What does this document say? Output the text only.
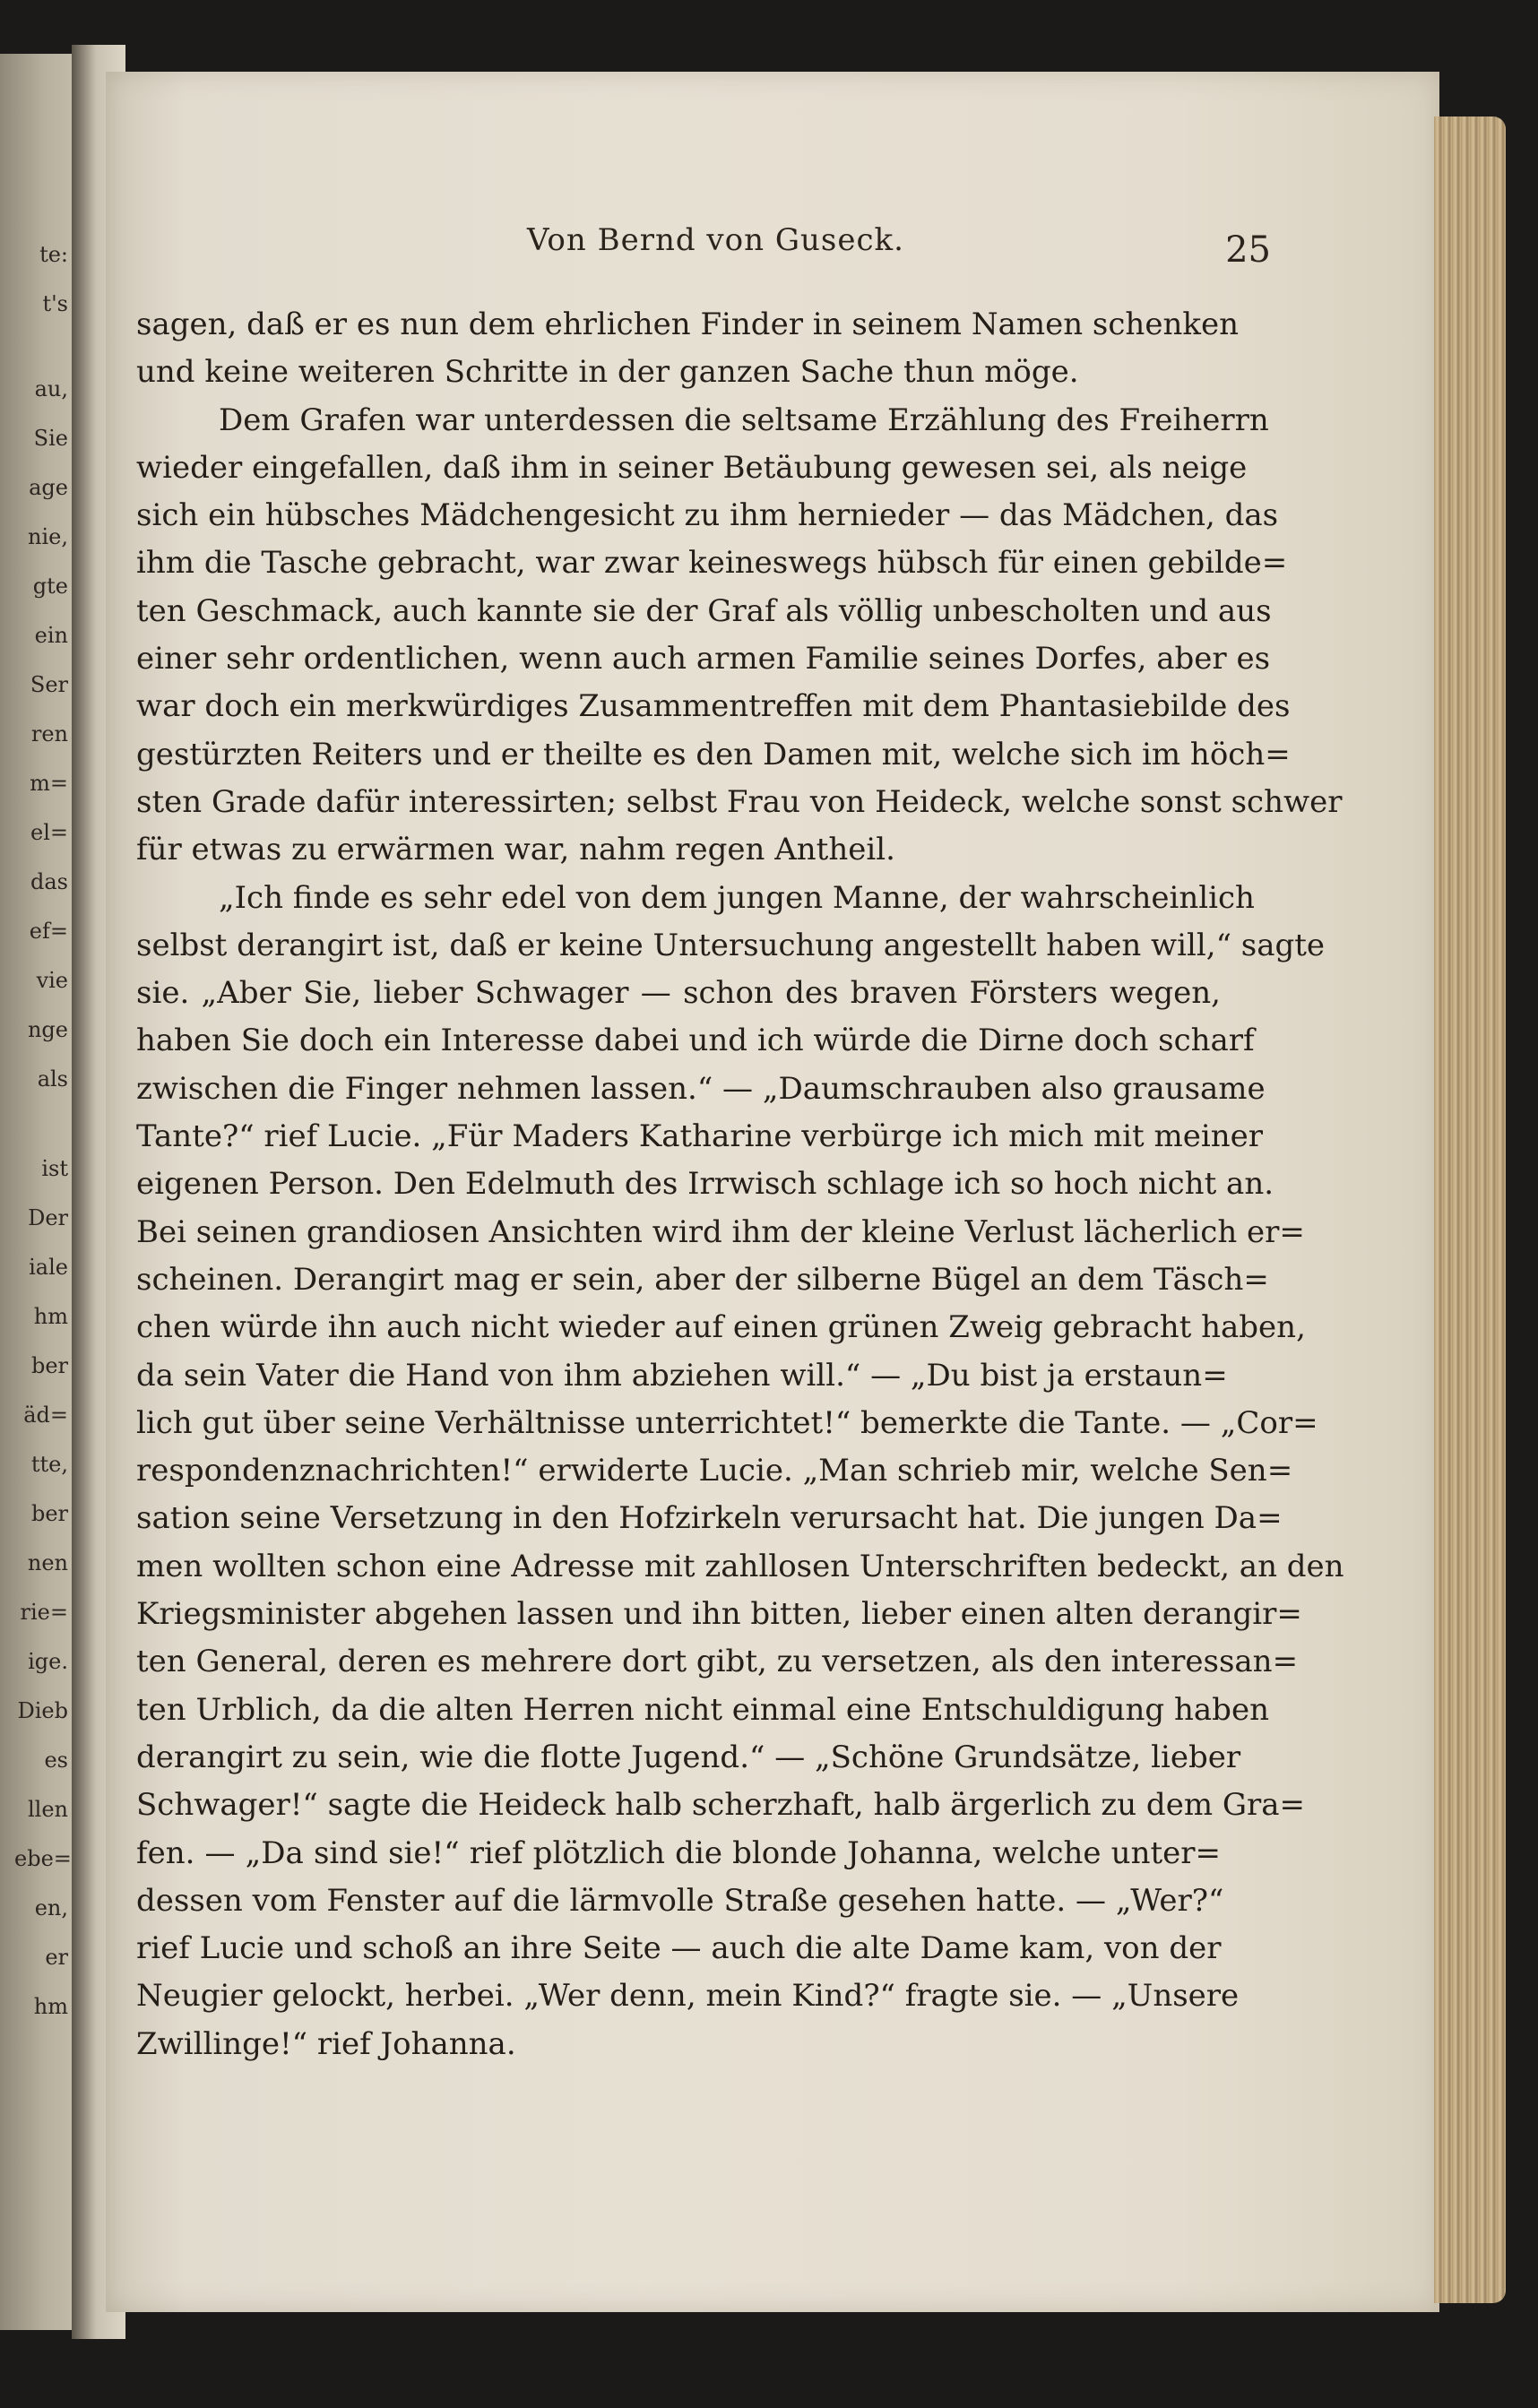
te:
t's
au,
Sie
age
nie,
gte
ein
Ser
ren
m=
el=
das
ef=
vie
nge
als
ist
Der
iale
hm
ber
äd=
tte,
ber
nen
rie=
ige.
Dieb
es
llen
ebe=
en,
er
hm
Von Bernd von Guseck.	25
sagen, daß er es nun dem ehrlichen Finder in seinem Namen schenken
und keine weiteren Schritte in der ganzen Sache thun möge.
Dem Grafen war unterdessen die seltsame Erzählung des Freiherrn
wieder eingefallen, daß ihm in seiner Betäubung gewesen sei, als neige
sich ein hübsches Mädchengesicht zu ihm hernieder — das Mädchen, das
ihm die Tasche gebracht, war zwar keineswegs hübsch für einen gebilde=
ten Geschmack, auch kannte sie der Graf als völlig unbescholten und aus
einer sehr ordentlichen, wenn auch armen Familie seines Dorfes, aber es
war doch ein merkwürdiges Zusammentreffen mit dem Phantasiebilde des
gestürzten Reiters und er theilte es den Damen mit, welche sich im höch=
sten Grade dafür interessirten; selbst Frau von Heideck, welche sonst schwer
für etwas zu erwärmen war, nahm regen Antheil.
„Ich finde es sehr edel von dem jungen Manne, der wahrscheinlich
selbst derangirt ist, daß er keine Untersuchung angestellt haben will,“ sagte
sie. „Aber Sie, lieber Schwager — schon des braven Försters wegen,
haben Sie doch ein Interesse dabei und ich würde die Dirne doch scharf
zwischen die Finger nehmen lassen.“ — „Daumschrauben also grausame
Tante?“ rief Lucie. „Für Maders Katharine verbürge ich mich mit meiner
eigenen Person. Den Edelmuth des Irrwisch schlage ich so hoch nicht an.
Bei seinen grandiosen Ansichten wird ihm der kleine Verlust lächerlich er=
scheinen. Derangirt mag er sein, aber der silberne Bügel an dem Täsch=
chen würde ihn auch nicht wieder auf einen grünen Zweig gebracht haben,
da sein Vater die Hand von ihm abziehen will.“ — „Du bist ja erstaun=
lich gut über seine Verhältnisse unterrichtet!“ bemerkte die Tante. — „Cor=
respondenznachrichten!“ erwiderte Lucie. „Man schrieb mir, welche Sen=
sation seine Versetzung in den Hofzirkeln verursacht hat. Die jungen Da=
men wollten schon eine Adresse mit zahllosen Unterschriften bedeckt, an den
Kriegsminister abgehen lassen und ihn bitten, lieber einen alten derangir=
ten General, deren es mehrere dort gibt, zu versetzen, als den interessan=
ten Urblich, da die alten Herren nicht einmal eine Entschuldigung haben
derangirt zu sein, wie die flotte Jugend.“ — „Schöne Grundsätze, lieber
Schwager!“ sagte die Heideck halb scherzhaft, halb ärgerlich zu dem Gra=
fen. — „Da sind sie!“ rief plötzlich die blonde Johanna, welche unter=
dessen vom Fenster auf die lärmvolle Straße gesehen hatte. — „Wer?“
rief Lucie und schoß an ihre Seite — auch die alte Dame kam, von der
Neugier gelockt, herbei. „Wer denn, mein Kind?“ fragte sie. — „Unsere
Zwillinge!“ rief Johanna.
